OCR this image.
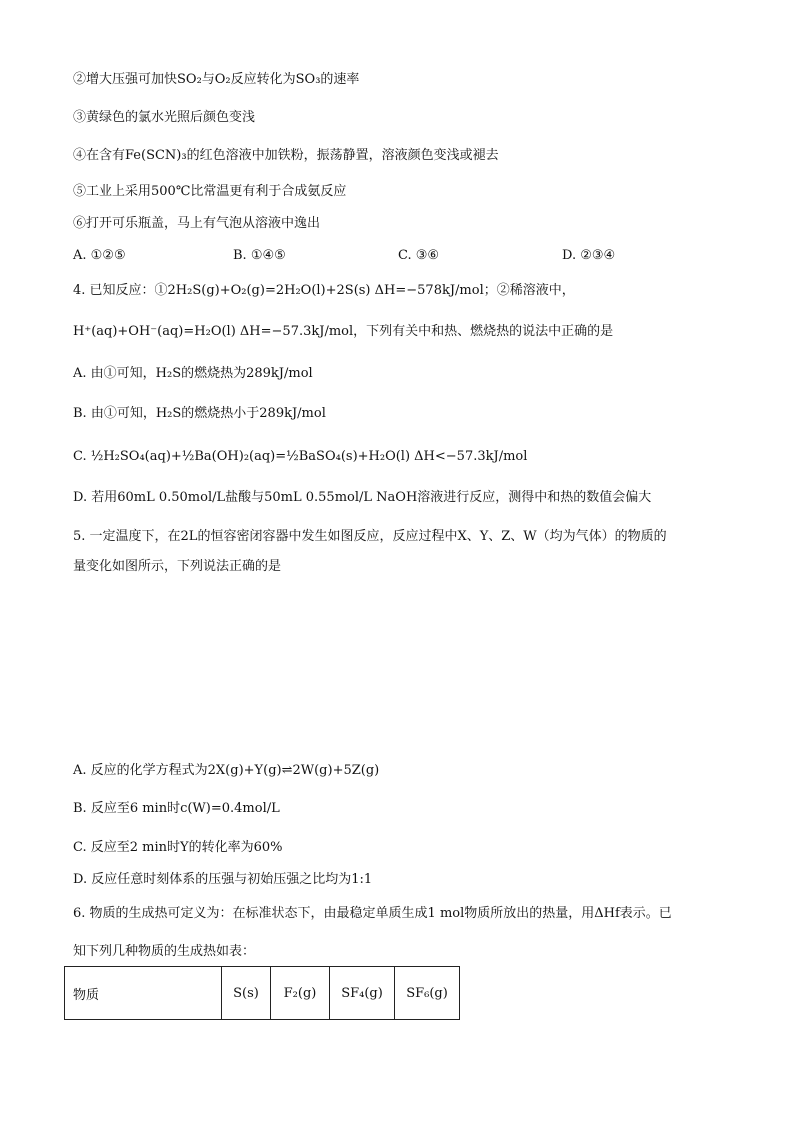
②增大压强可加快SO₂与O₂反应转化为SO₃的速率
③黄绿色的氯水光照后颜色变浅
④在含有Fe(SCN)₃的红色溶液中加铁粉，振荡静置，溶液颜色变浅或褪去
⑤工业上采用500℃比常温更有利于合成氨反应
⑥打开可乐瓶盖，马上有气泡从溶液中逸出
A. ①②⑤	B. ①④⑤	C. ③⑥	D. ②③④
4. 已知反应：①2H₂S(g)+O₂(g)=2H₂O(l)+2S(s) ΔH=−578kJ/mol；②稀溶液中，
H⁺(aq)+OH⁻(aq)=H₂O(l) ΔH=−57.3kJ/mol，下列有关中和热、燃烧热的说法中正确的是
A. 由①可知，H₂S的燃烧热为289kJ/mol
B. 由①可知，H₂S的燃烧热小于289kJ/mol
C. ½H₂SO₄(aq)+½Ba(OH)₂(aq)=½BaSO₄(s)+H₂O(l) ΔH<−57.3kJ/mol
D. 若用60mL 0.50mol/L盐酸与50mL 0.55mol/L NaOH溶液进行反应，测得中和热的数值会偏大
5. 一定温度下，在2L的恒容密闭容器中发生如图反应，反应过程中X、Y、Z、W（均为气体）的物质的
量变化如图所示，下列说法正确的是
A. 反应的化学方程式为2X(g)+Y(g)⇌2W(g)+5Z(g)
B. 反应至6 min时c(W)=0.4mol/L
C. 反应至2 min时Y的转化率为60%
D. 反应任意时刻体系的压强与初始压强之比均为1:1
6. 物质的生成热可定义为：在标准状态下，由最稳定单质生成1 mol物质所放出的热量，用ΔHf表示。已
知下列几种物质的生成热如表：
物质	S(s)	F₂(g)	SF₄(g)	SF₆(g)
